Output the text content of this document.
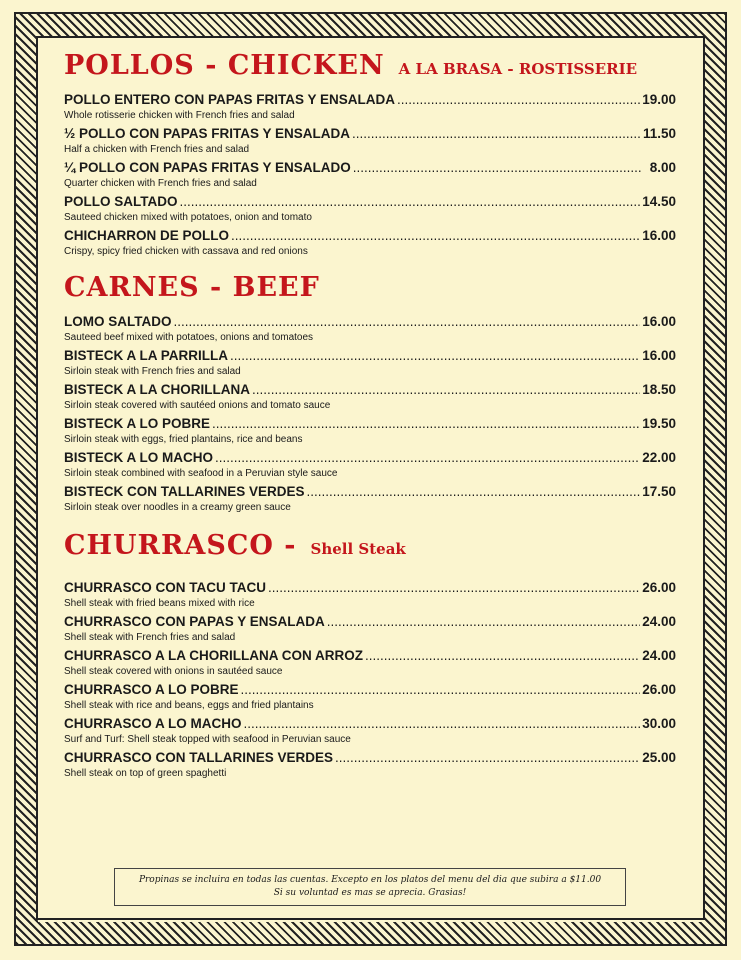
POLLOS - CHICKEN A LA BRASA - ROSTISSERIE
POLLO ENTERO CON PAPAS FRITAS Y ENSALADA .....	19.00
Whole rotisserie chicken with French fries and salad
½ POLLO CON PAPAS FRITAS Y ENSALADA .....	11.50
Half a chicken with French fries and salad
¼ POLLO CON PAPAS FRITAS Y ENSALADO .....	8.00
Quarter chicken with French fries and salad
POLLO SALTADO .....	14.50
Sauteed chicken mixed with potatoes, onion and tomato
CHICHARRON DE POLLO .....	16.00
Crispy, spicy fried chicken with cassava and red onions
CARNES - BEEF
LOMO SALTADO .....	16.00
Sauteed beef mixed with potatoes, onions and tomatoes
BISTECK A LA PARRILLA .....	16.00
Sirloin steak with French fries and salad
BISTECK A LA CHORILLANA .....	18.50
Sirloin steak covered with sautéed onions and tomato sauce
BISTECK A LO POBRE .....	19.50
Sirloin steak with eggs, fried plantains, rice and beans
BISTECK A LO MACHO .....	22.00
Sirloin steak combined with seafood in a Peruvian style sauce
BISTECK CON TALLARINES VERDES .....	17.50
Sirloin steak over noodles in a creamy green sauce
CHURRASCO - Shell Steak
CHURRASCO CON TACU TACU .....	26.00
Shell steak with fried beans mixed with rice
CHURRASCO CON PAPAS Y ENSALADA .....	24.00
Shell steak with French fries and salad
CHURRASCO A LA CHORILLANA CON ARROZ .....	24.00
Shell steak covered with onions in sautéed sauce
CHURRASCO A LO POBRE .....	26.00
Shell steak with rice and beans, eggs and fried plantains
CHURRASCO A LO MACHO .....	30.00
Surf and Turf: Shell steak topped with seafood in Peruvian sauce
CHURRASCO CON TALLARINES VERDES .....	25.00
Shell steak on top of green spaghetti
Propinas se incluira en todas las cuentas. Excepto en los platos del menu del dia que subira a $11.00
Si su voluntad es mas se aprecia. Grasias!
